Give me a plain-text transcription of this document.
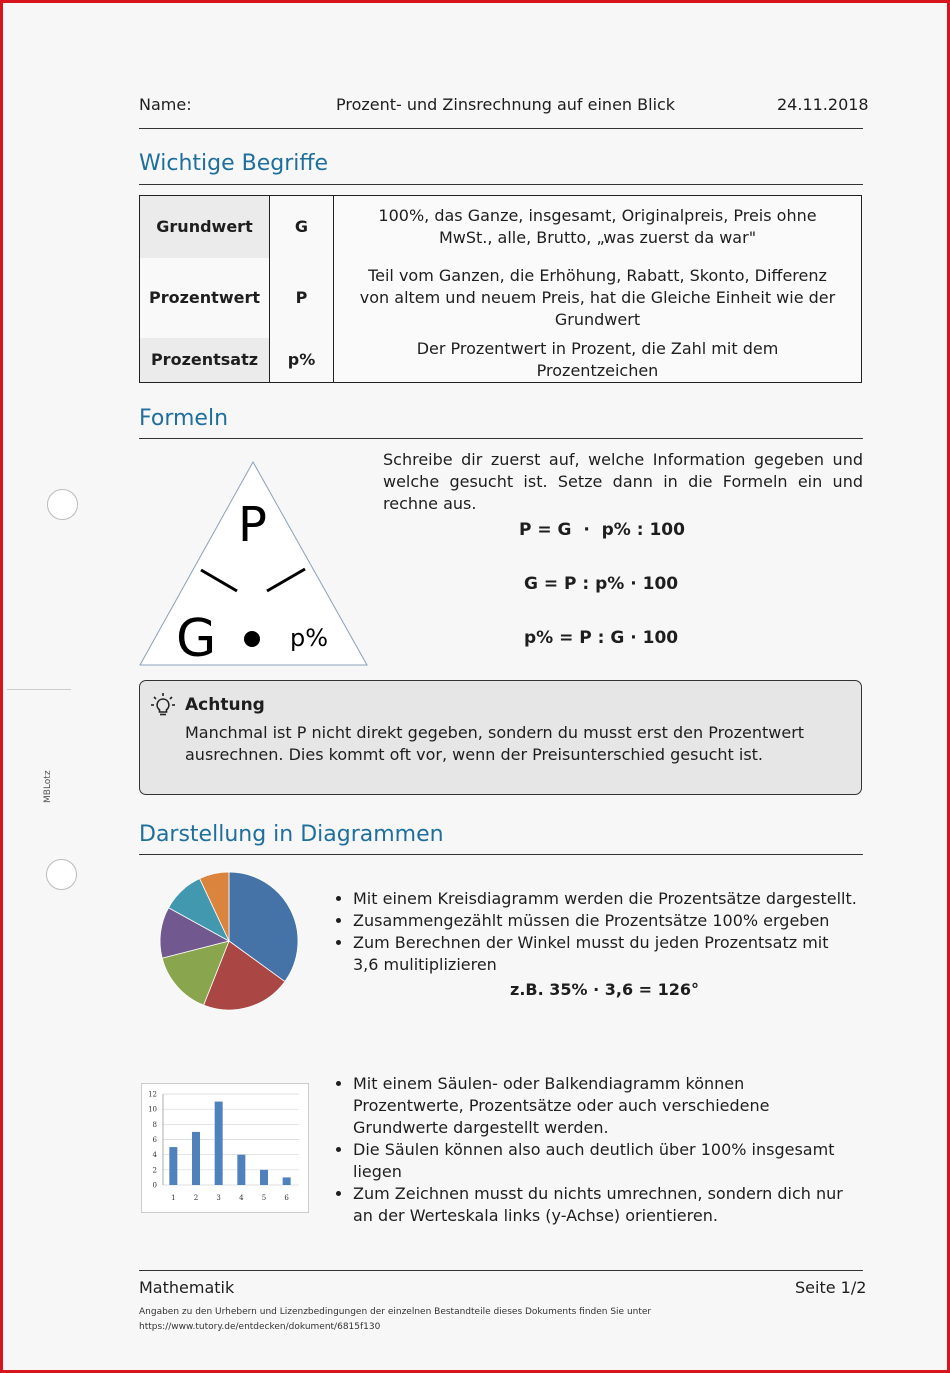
MBLotz
Name:	Prozent- und Zinsrechnung auf einen Blick	24.11.2018
Wichtige Begriffe
Grundwert	G	100%, das Ganze, insgesamt, Originalpreis, Preis ohne MwSt., alle, Brutto, „was zuerst da war"

Prozentwert	P	Teil vom Ganzen, die Erhöhung, Rabatt, Skonto, Differenz von altem und neuem Preis, hat die Gleiche Einheit wie der Grundwert

Prozentsatz	p%	Der Prozentwert in Prozent, die Zahl mit dem Prozentzeichen
Formeln
P
G	p%
Schreibe dir zuerst auf, welche Information gegeben und welche gesucht ist. Setze dann in die Formeln ein und rechne aus.
P = G  ·  p% : 100
G = P : p% · 100
p% = P : G · 100
Achtung
Manchmal ist P nicht direkt gegeben, sondern du musst erst den Prozentwert
ausrechnen. Dies kommt oft vor, wenn der Preisunterschied gesucht ist.
Darstellung in Diagrammen
• Mit einem Kreisdiagramm werden die Prozentsätze dargestellt.
• Zusammengezählt müssen die Prozentsätze 100% ergeben
• Zum Berechnen der Winkel musst du jeden Prozentsatz mit 3,6 mulitiplizieren
z.B. 35% · 3,6 = 126°
0
2
4
6
8
10
12
1	2	3	4	5	6
• Mit einem Säulen- oder Balkendiagramm können Prozentwerte, Prozentsätze oder auch verschiedene Grundwerte dargestellt werden.
• Die Säulen können also auch deutlich über 100% insgesamt liegen
• Zum Zeichnen musst du nichts umrechnen, sondern dich nur an der Werteskala links (y-Achse) orientieren.
Mathematik	Seite 1/2
Angaben zu den Urhebern und Lizenzbedingungen der einzelnen Bestandteile dieses Dokuments finden Sie unter
https://www.tutory.de/entdecken/dokument/6815f130
